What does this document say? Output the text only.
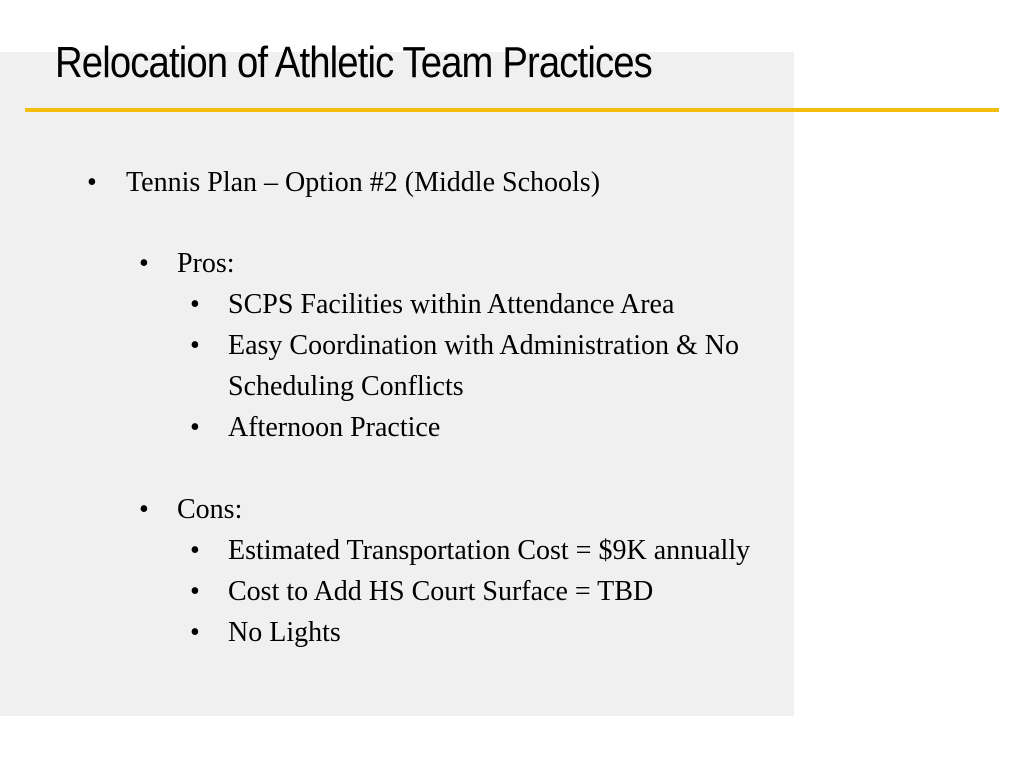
Relocation of Athletic Team Practices
• Tennis Plan – Option #2 (Middle Schools)
• Pros:
• SCPS Facilities within Attendance Area
• Easy Coordination with Administration & No
Scheduling Conflicts
• Afternoon Practice
• Cons:
• Estimated Transportation Cost = $9K annually
• Cost to Add HS Court Surface = TBD
• No Lights
